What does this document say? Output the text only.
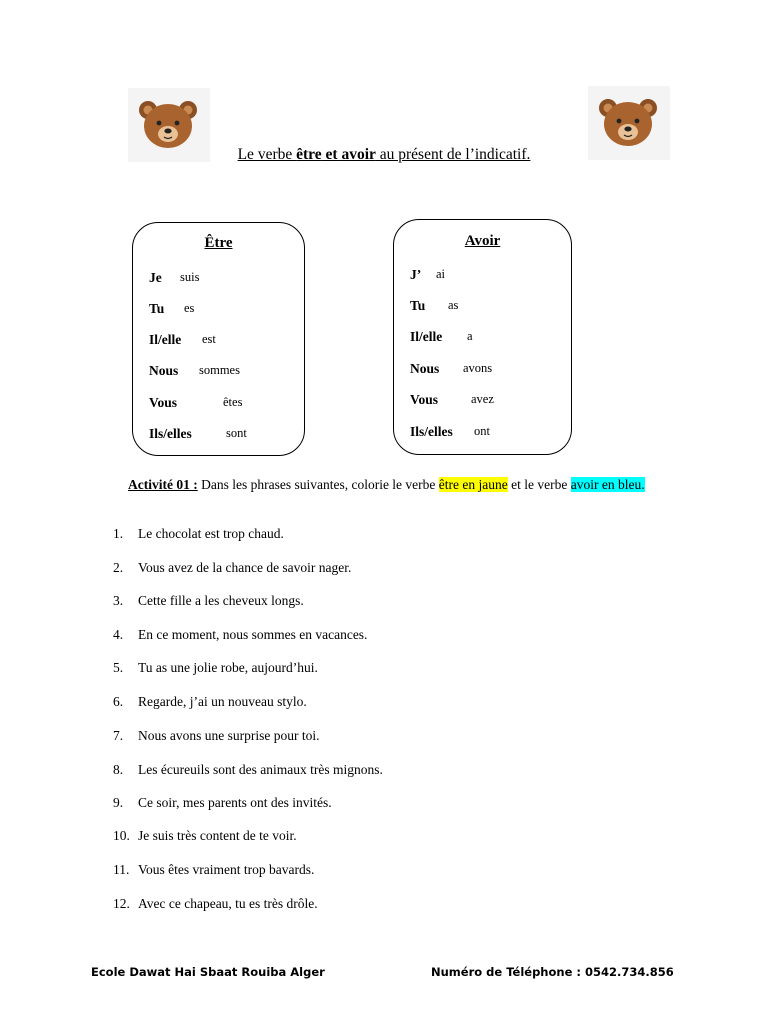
Le verbe être et avoir au présent de l’indicatif.
Être
Je suis
Tu es
Il/elle est
Nous sommes
Vous	êtes
Ils/elles	sont
Avoir
J’ ai
Tu as
Il/elle a
Nous avons
Vous	avez
Ils/elles ont
Activité 01 : Dans les phrases suivantes, colorie le verbe être en jaune et le verbe avoir en bleu.
1. Le chocolat est trop chaud.
2. Vous avez de la chance de savoir nager.
3. Cette fille a les cheveux longs.
4. En ce moment, nous sommes en vacances.
5. Tu as une jolie robe, aujourd’hui.
6. Regarde, j’ai un nouveau stylo.
7. Nous avons une surprise pour toi.
8. Les écureuils sont des animaux très mignons.
9. Ce soir, mes parents ont des invités.
10. Je suis très content de te voir.
11. Vous êtes vraiment trop bavards.
12. Avec ce chapeau, tu es très drôle.
Ecole Dawat Hai Sbaat Rouiba Alger	Numéro de Téléphone : 0542.734.856
